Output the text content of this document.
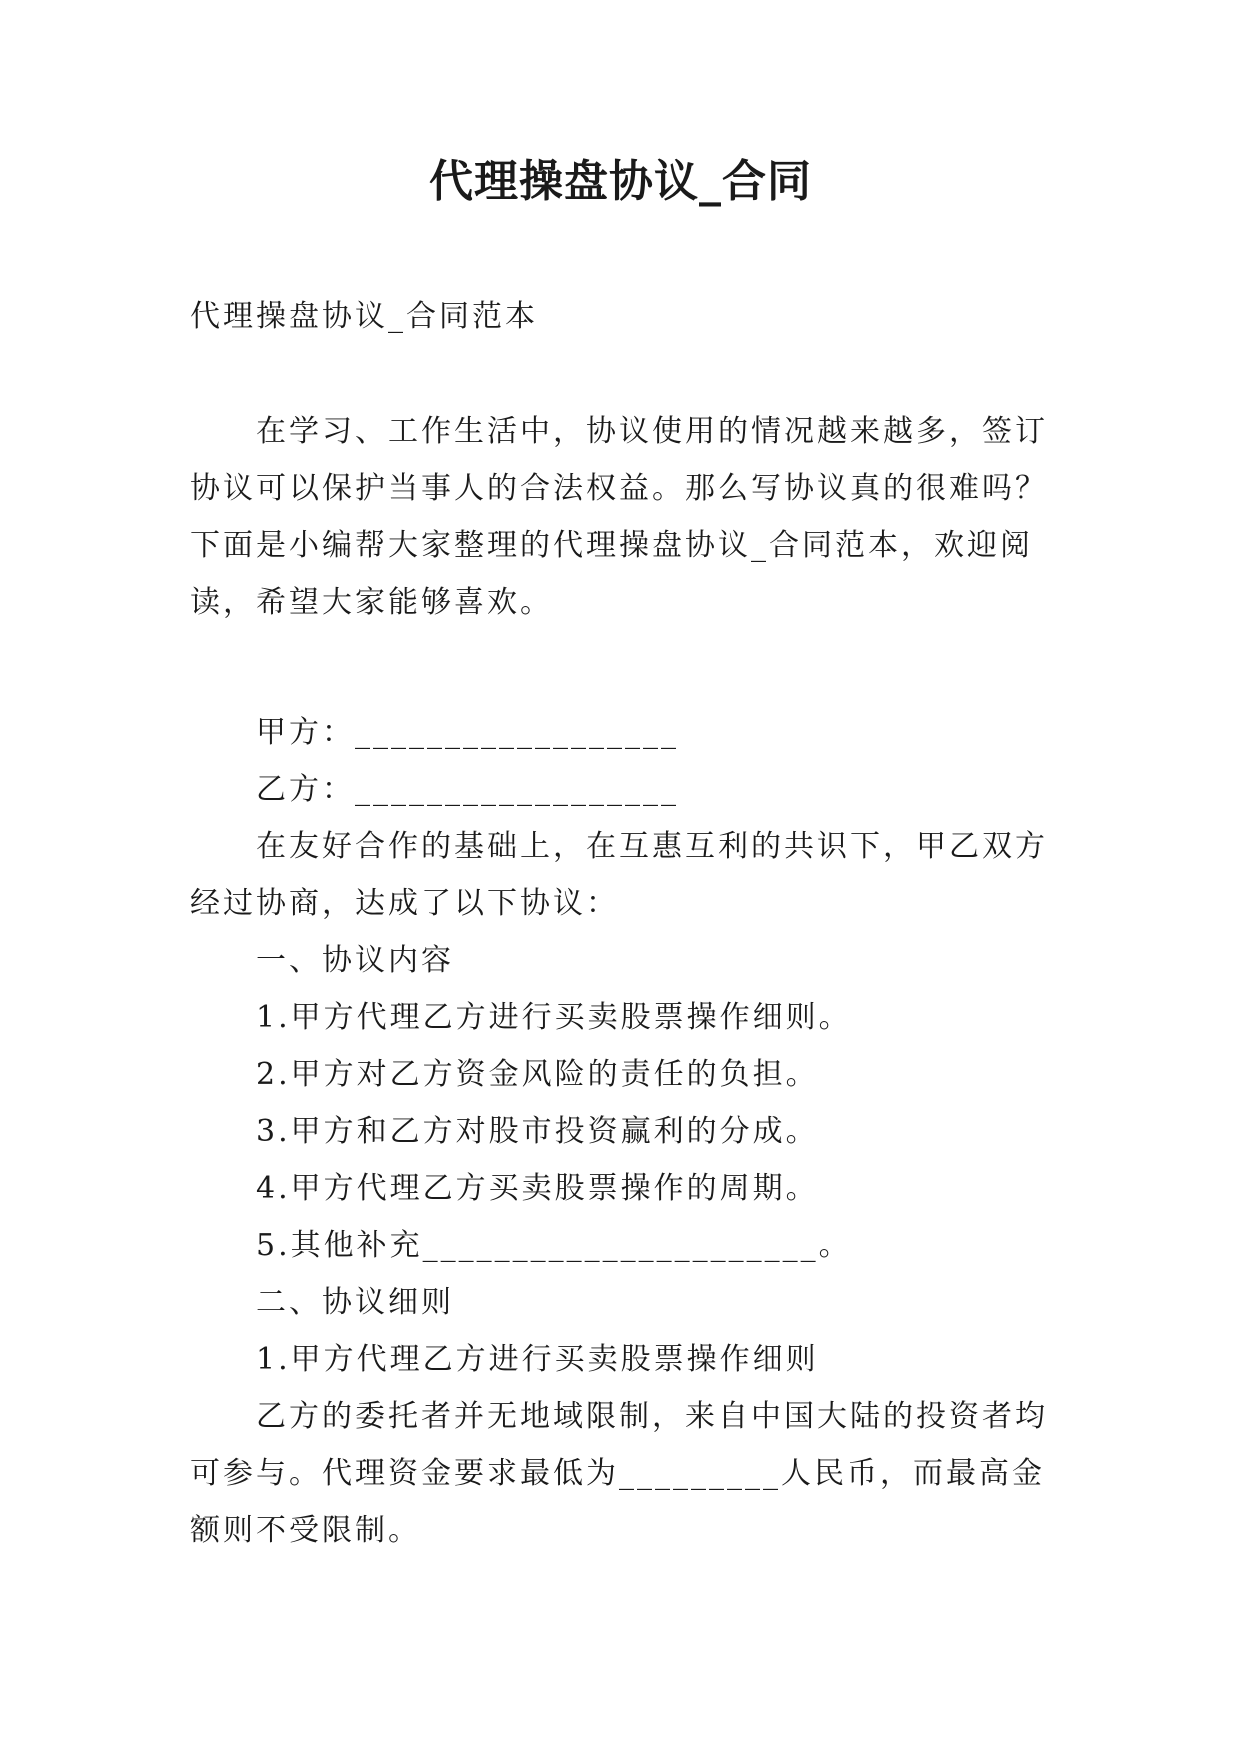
代理操盘协议_合同
代理操盘协议_合同范本
在学习、工作生活中，协议使用的情况越来越多，签订
协议可以保护当事人的合法权益。那么写协议真的很难吗？
下面是小编帮大家整理的代理操盘协议_合同范本，欢迎阅
读，希望大家能够喜欢。
甲方：__________________
乙方：__________________
在友好合作的基础上，在互惠互利的共识下，甲乙双方
经过协商，达成了以下协议：
一、协议内容
1.甲方代理乙方进行买卖股票操作细则。
2.甲方对乙方资金风险的责任的负担。
3.甲方和乙方对股市投资赢利的分成。
4.甲方代理乙方买卖股票操作的周期。
5.其他补充______________________。
二、协议细则
1.甲方代理乙方进行买卖股票操作细则
乙方的委托者并无地域限制，来自中国大陆的投资者均
可参与。代理资金要求最低为_________人民币，而最高金
额则不受限制。
